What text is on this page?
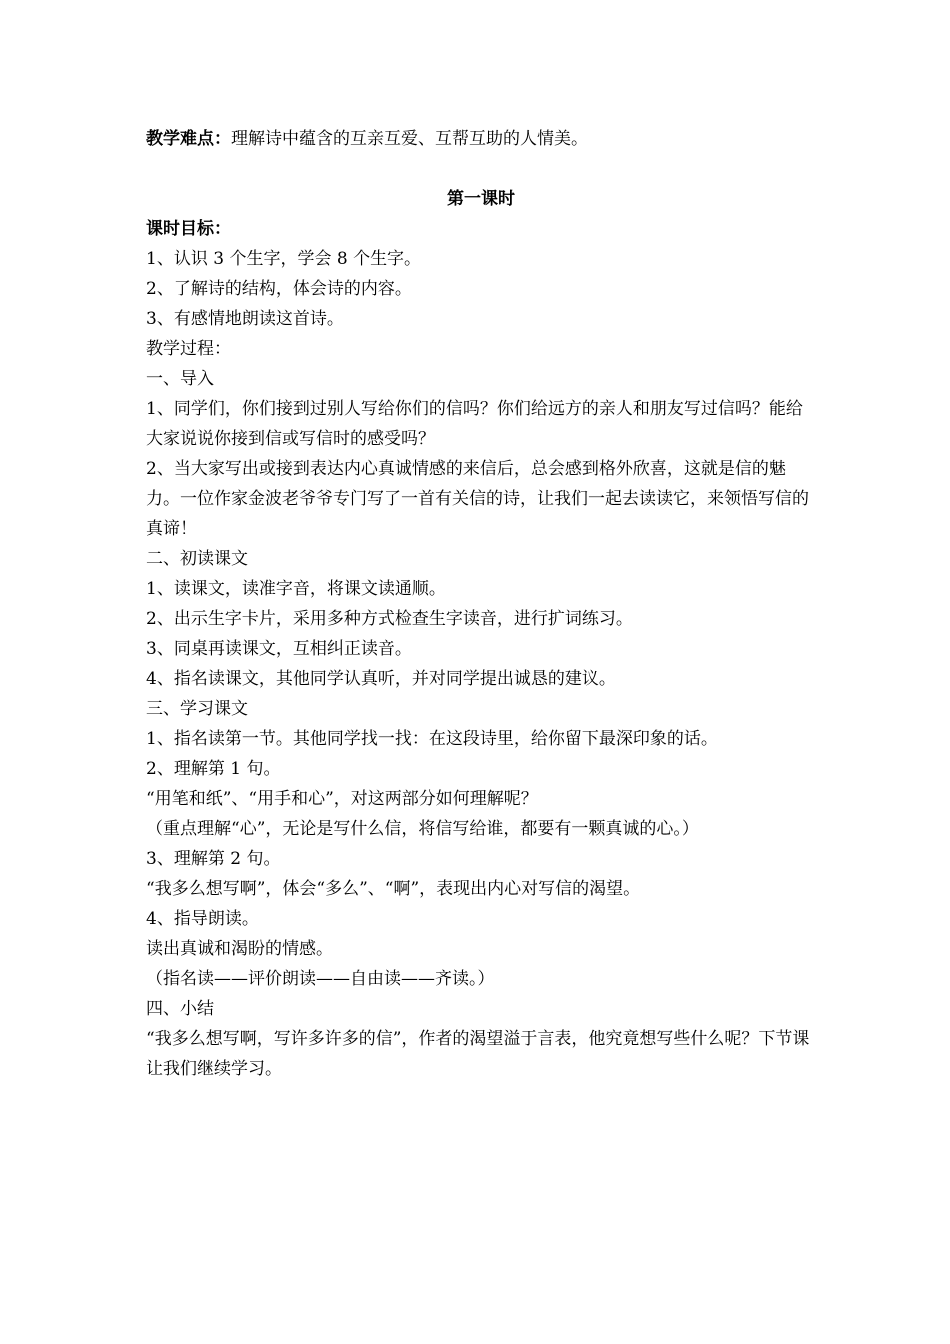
教学难点：理解诗中蕴含的互亲互爱、互帮互助的人情美。

第一课时

课时目标：

1、认识 3 个生字，学会 8 个生字。

2、了解诗的结构，体会诗的内容。

3、有感情地朗读这首诗。

教学过程：

一、导入

1、同学们，你们接到过别人写给你们的信吗？你们给远方的亲人和朋友写过信吗？能给大家说说你接到信或写信时的感受吗？

2、当大家写出或接到表达内心真诚情感的来信后，总会感到格外欣喜，这就是信的魅力。一位作家金波老爷爷专门写了一首有关信的诗，让我们一起去读读它，来领悟写信的真谛！

二、初读课文

1、读课文，读准字音，将课文读通顺。

2、出示生字卡片，采用多种方式检查生字读音，进行扩词练习。

3、同桌再读课文，互相纠正读音。

4、指名读课文，其他同学认真听，并对同学提出诚恳的建议。

三、学习课文

1、指名读第一节。其他同学找一找：在这段诗里，给你留下最深印象的话。

2、理解第 1 句。

“用笔和纸”、“用手和心”，对这两部分如何理解呢？

（重点理解“心”，无论是写什么信，将信写给谁，都要有一颗真诚的心。）

3、理解第 2 句。

“我多么想写啊”，体会“多么”、“啊”，表现出内心对写信的渴望。

4、指导朗读。

读出真诚和渴盼的情感。

（指名读——评价朗读——自由读——齐读。）

四、小结

“我多么想写啊，写许多许多的信”，作者的渴望溢于言表，他究竟想写些什么呢？下节课让我们继续学习。
